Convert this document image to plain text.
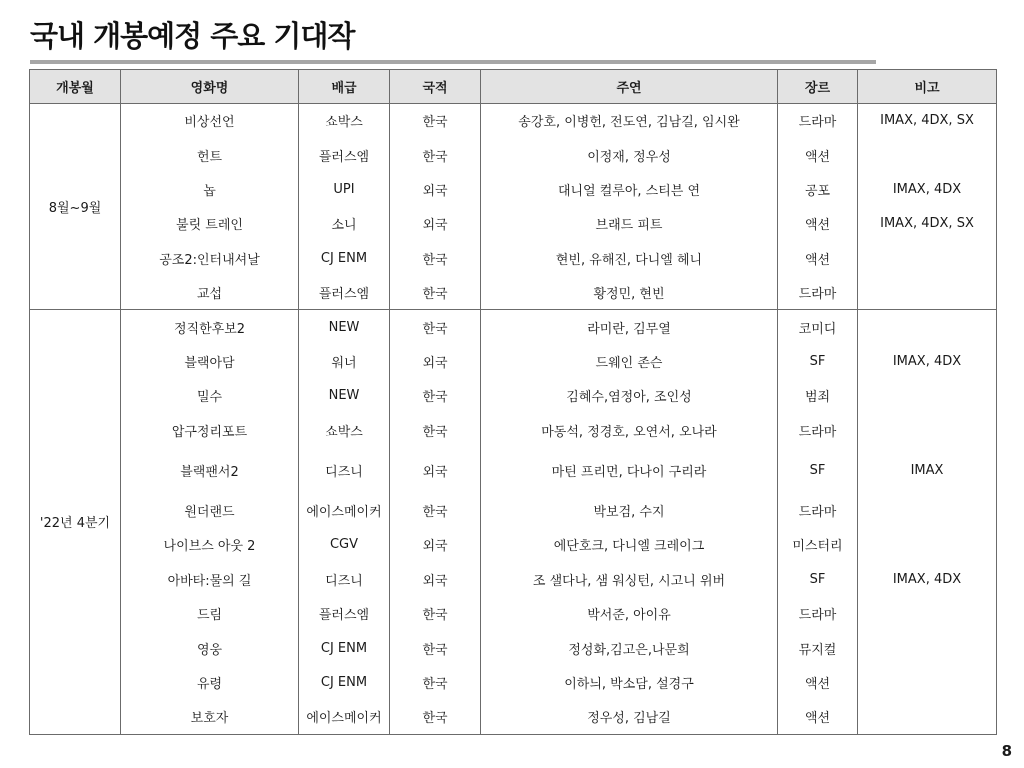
국내 개봉예정 주요 기대작
개봉월	영화명	배급	국적	주연	장르	비고
8월~9월	비상선언	쇼박스	한국	송강호, 이병헌, 전도연, 김남길, 임시완	드라마	IMAX, 4DX, SX
	헌트	플러스엠	한국	이정재, 정우성	액션	
	놉	UPI	외국	대니얼 컬루아, 스티븐 연	공포	IMAX, 4DX
	불릿 트레인	소니	외국	브래드 피트	액션	IMAX, 4DX, SX
	공조2:인터내셔날	CJ ENM	한국	현빈, 유해진, 다니엘 헤니	액션	
	교섭	플러스엠	한국	황정민, 현빈	드라마	
'22년 4분기	정직한후보2	NEW	한국	라미란, 김무열	코미디	
	블랙아담	워너	외국	드웨인 존슨	SF	IMAX, 4DX
	밀수	NEW	한국	김혜수,염정아, 조인성	범죄	
	압구정리포트	쇼박스	한국	마동석, 정경호, 오연서, 오나라	드라마	
	블랙팬서2	디즈니	외국	마틴 프리먼, 다나이 구리라	SF	IMAX
	원더랜드	에이스메이커	한국	박보검, 수지	드라마	
	나이브스 아웃 2	CGV	외국	에단호크, 다니엘 크레이그	미스터리	
	아바타:물의 길	디즈니	외국	조 샐다나, 샘 워싱턴, 시고니 위버	SF	IMAX, 4DX
	드림	플러스엠	한국	박서준, 아이유	드라마	
	영웅	CJ ENM	한국	정성화,김고은,나문희	뮤지컬	
	유령	CJ ENM	한국	이하늬, 박소담, 설경구	액션	
	보호자	에이스메이커	한국	정우성, 김남길	액션	
8
